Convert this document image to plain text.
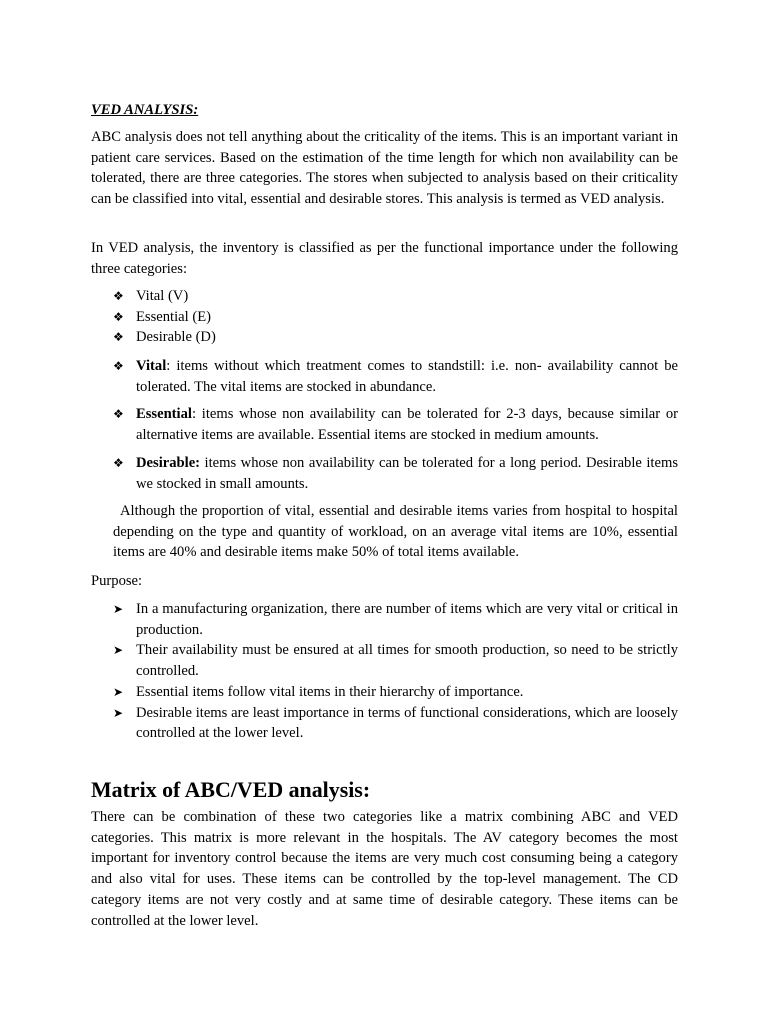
VED ANALYSIS:

ABC analysis does not tell anything about the criticality of the items. This is an important variant in patient care services. Based on the estimation of the time length for which non availability can be tolerated, there are three categories. The stores when subjected to analysis based on their criticality can be classified into vital, essential and desirable stores. This analysis is termed as VED analysis.

In VED analysis, the inventory is classified as per the functional importance under the following three categories:

❖ Vital (V)
❖ Essential (E)
❖ Desirable (D)
❖ Vital: items without which treatment comes to standstill: i.e. non- availability cannot be tolerated. The vital items are stocked in abundance.
❖ Essential: items whose non availability can be tolerated for 2-3 days, because similar or alternative items are available. Essential items are stocked in medium amounts.
❖ Desirable: items whose non availability can be tolerated for a long period. Desirable items we stocked in small amounts.

Although the proportion of vital, essential and desirable items varies from hospital to hospital depending on the type and quantity of workload, on an average vital items are 10%, essential items are 40% and desirable items make 50% of total items available.

Purpose:

➤ In a manufacturing organization, there are number of items which are very vital or critical in production.
➤ Their availability must be ensured at all times for smooth production, so need to be strictly controlled.
➤ Essential items follow vital items in their hierarchy of importance.
➤ Desirable items are least importance in terms of functional considerations, which are loosely controlled at the lower level.
Matrix of ABC/VED analysis:

There can be combination of these two categories like a matrix combining ABC and VED categories. This matrix is more relevant in the hospitals. The AV category becomes the most important for inventory control because the items are very much cost consuming being a category and also vital for uses. These items can be controlled by the top-level management. The CD category items are not very costly and at same time of desirable category. These items can be controlled at the lower level.
